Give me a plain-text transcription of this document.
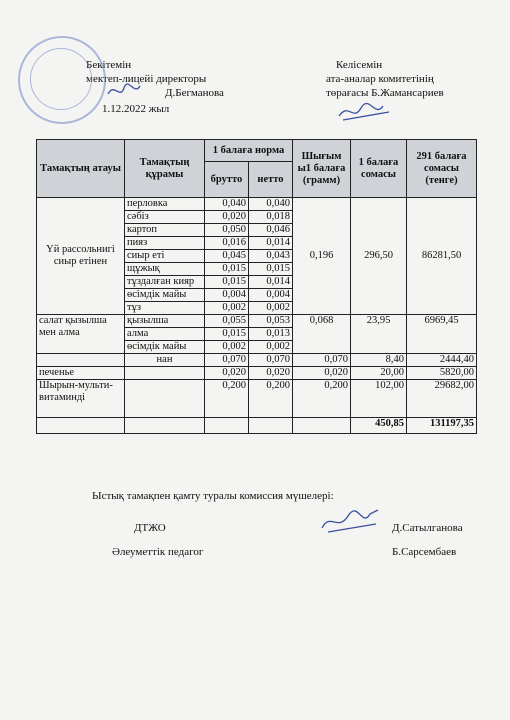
Бекітемін
мектеп-лицейі директоры
Д.Бегманова
1.12.2022 жыл
Келісемін
ата-аналар комитетінің
төрағасы Б.Жамансариев
Тамақтың атауы	Тамақтың құрамы	1 балаға норма		Шығым ы1 балаға (грамм)	1 балаға сомасы	291 балаға сомасы (тенге)
		брутто	нетто			
Үй рассольнигі сиыр етінен	перловка	0,040	0,040	0,196	296,50	86281,50
	сәбіз	0,020	0,018			
	картоп	0,050	0,046			
	пияз	0,016	0,014			
	сиыр еті	0,045	0,043			
	щұжық	0,015	0,015			
	тұздалған кияр	0,015	0,014			
	өсімдік майы	0,004	0,004			
	тұз	0,002	0,002			
салат қызылша мен алма	қызылша	0,055	0,053	0,068	23,95	6969,45
	алма	0,015	0,013			
	өсімдік майы	0,002	0,002			
	нан	0,070	0,070	0,070	8,40	2444,40
печенье		0,020	0,020	0,020	20,00	5820,00
Шырын-мульти-витаминді		0,200	0,200	0,200	102,00	29682,00
					450,85	131197,35
Ыстық тамақпен қамту туралы комиссия мүшелері:
ДТЖО	Д.Сатылганова
Әлеуметтік педагог	Б.Сарсембаев
